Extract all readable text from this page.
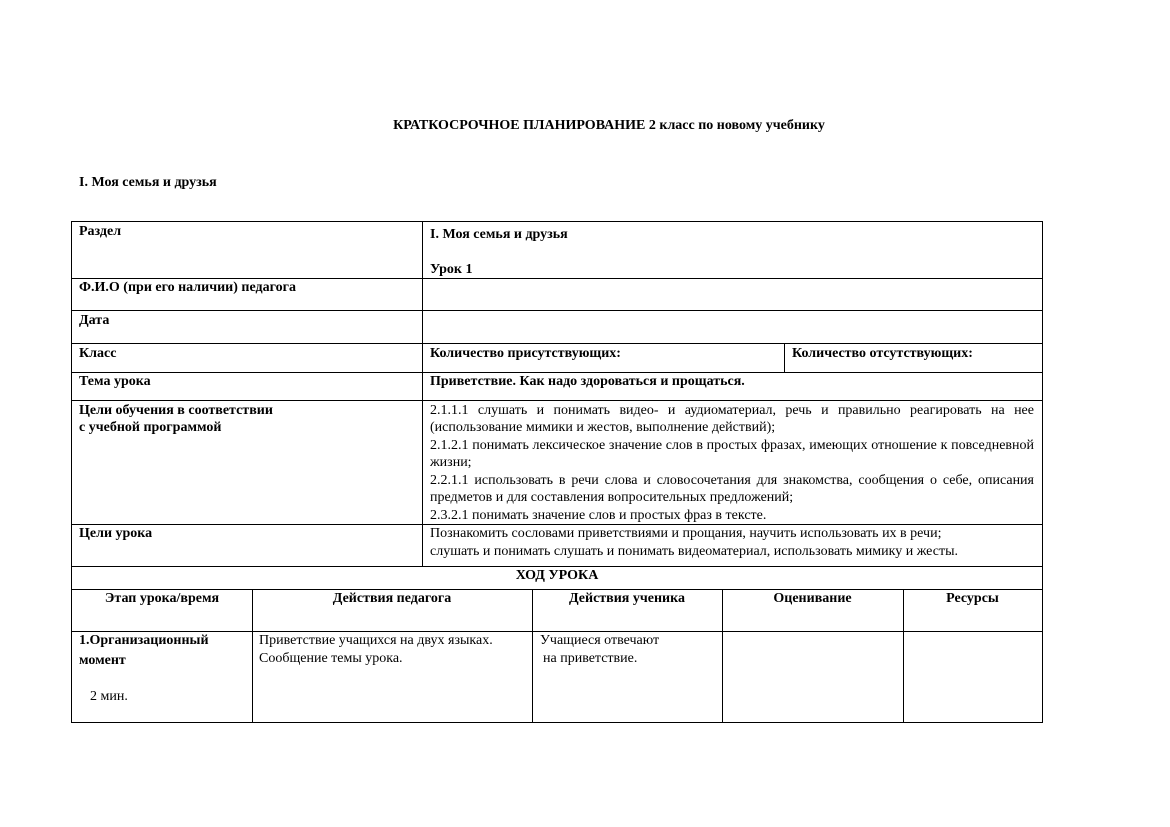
КРАТКОСРОЧНОЕ ПЛАНИРОВАНИЕ 2 класс по новому учебнику
I. Моя семья и друзья
Раздел	I. Моя семья и друзья
Урок 1
Ф.И.О (при его наличии) педагога
Дата
Класс	Количество присутствующих:	Количество отсутствующих:
Тема урока	Приветствие. Как надо здороваться и прощаться.
Цели обучения в соответствии
с учебной программой
2.1.1.1 слушать и понимать видео- и аудиоматериал, речь и правильно реагировать на нее (использование мимики и жестов, выполнение действий);
2.1.2.1 понимать лексическое значение слов в простых фразах, имеющих отношение к повседневной жизни;
2.2.1.1 использовать в речи слова и словосочетания для знакомства, сообщения о себе, описания предметов и для составления вопросительных предложений;
2.3.2.1 понимать значение слов и простых фраз в тексте.
Цели урока	Познакомить сословами приветствиями и прощания, научить использовать их в речи;
слушать и понимать слушать и понимать видеоматериал, использовать мимику и жесты.
ХОД УРОКА
Этап урока/время	Действия педагога	Действия ученика	Оценивание	Ресурсы
1.Организационный
момент
2 мин.
Приветствие учащихся на двух языках.
Сообщение темы урока.
Учащиеся отвечают
на приветствие.
